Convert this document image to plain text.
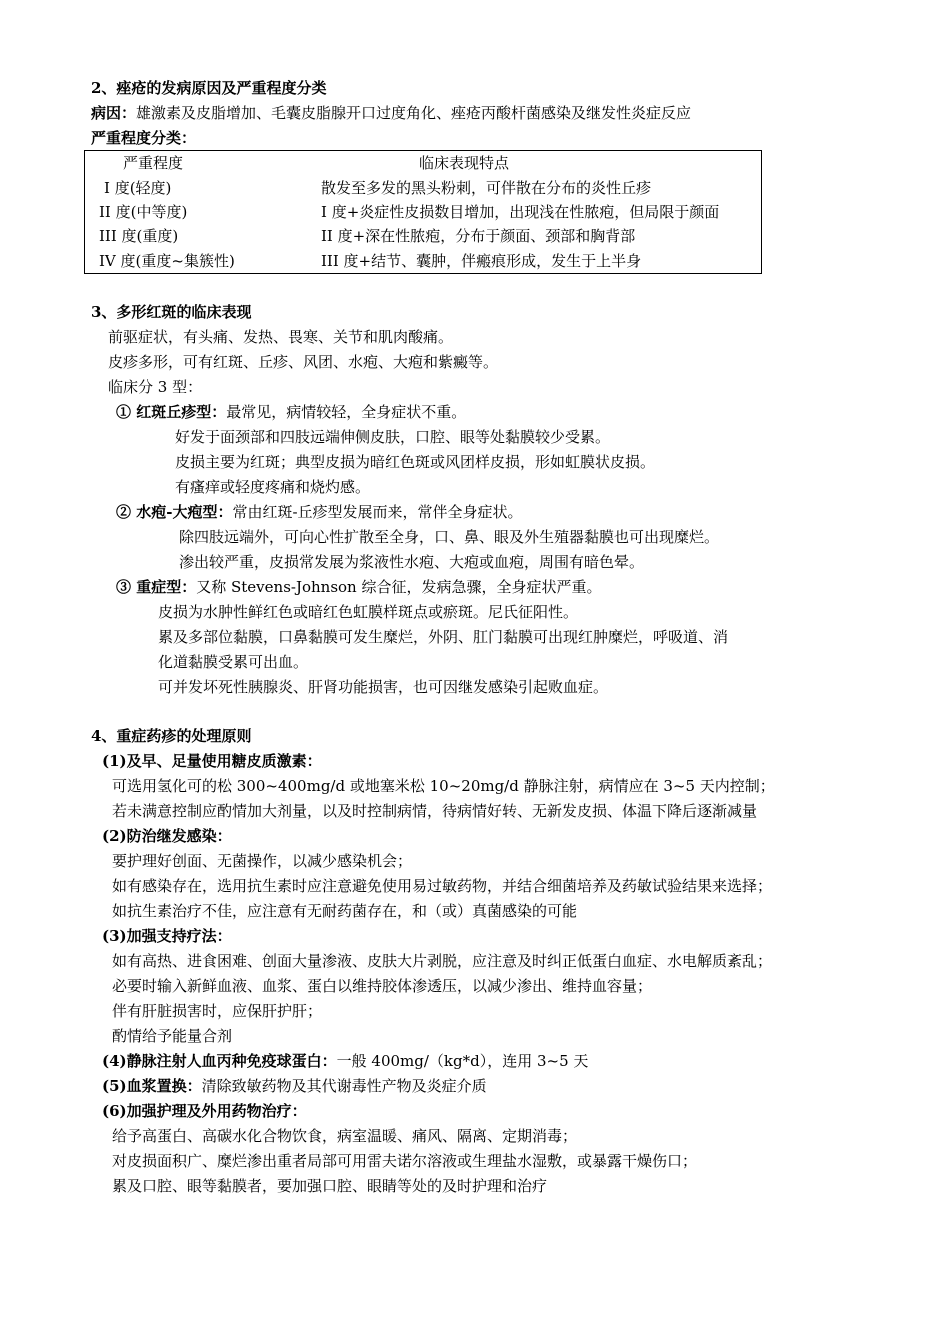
2、痤疮的发病原因及严重程度分类
病因：雄激素及皮脂增加、毛囊皮脂腺开口过度角化、痤疮丙酸杆菌感染及继发性炎症反应
严重程度分类：
严重程度	临床表现特点
I 度(轻度)	散发至多发的黑头粉刺，可伴散在分布的炎性丘疹
II 度(中等度)	I 度+炎症性皮损数目增加，出现浅在性脓疱，但局限于颜面
III 度(重度)	II 度+深在性脓疱，分布于颜面、颈部和胸背部
IV 度(重度~集簇性)	III 度+结节、囊肿，伴瘢痕形成，发生于上半身
3、多形红斑的临床表现
前驱症状，有头痛、发热、畏寒、关节和肌肉酸痛。
皮疹多形，可有红斑、丘疹、风团、水疱、大疱和紫癜等。
临床分 3 型：
① 红斑丘疹型：最常见，病情较轻，全身症状不重。
好发于面颈部和四肢远端伸侧皮肤，口腔、眼等处黏膜较少受累。
皮损主要为红斑；典型皮损为暗红色斑或风团样皮损，形如虹膜状皮损。
有瘙痒或轻度疼痛和烧灼感。
② 水疱-大疱型：常由红斑-丘疹型发展而来，常伴全身症状。
除四肢远端外，可向心性扩散至全身，口、鼻、眼及外生殖器黏膜也可出现糜烂。
渗出较严重，皮损常发展为浆液性水疱、大疱或血疱，周围有暗色晕。
③ 重症型：又称 Stevens-Johnson 综合征，发病急骤，全身症状严重。
皮损为水肿性鲜红色或暗红色虹膜样斑点或瘀斑。尼氏征阳性。
累及多部位黏膜，口鼻黏膜可发生糜烂，外阴、肛门黏膜可出现红肿糜烂，呼吸道、消
化道黏膜受累可出血。
可并发坏死性胰腺炎、肝肾功能损害，也可因继发感染引起败血症。
4、重症药疹的处理原则
(1)及早、足量使用糖皮质激素：
可选用氢化可的松 300~400mg/d 或地塞米松 10~20mg/d 静脉注射，病情应在 3~5 天内控制；
若未满意控制应酌情加大剂量，以及时控制病情，待病情好转、无新发皮损、体温下降后逐渐减量
(2)防治继发感染：
要护理好创面、无菌操作，以减少感染机会；
如有感染存在，选用抗生素时应注意避免使用易过敏药物，并结合细菌培养及药敏试验结果来选择；
如抗生素治疗不佳，应注意有无耐药菌存在，和（或）真菌感染的可能
(3)加强支持疗法：
如有高热、进食困难、创面大量渗液、皮肤大片剥脱，应注意及时纠正低蛋白血症、水电解质紊乱；
必要时输入新鲜血液、血浆、蛋白以维持胶体渗透压，以减少渗出、维持血容量；
伴有肝脏损害时，应保肝护肝；
酌情给予能量合剂
(4)静脉注射人血丙种免疫球蛋白：一般 400mg/（kg*d），连用 3~5 天
(5)血浆置换：清除致敏药物及其代谢毒性产物及炎症介质
(6)加强护理及外用药物治疗：
给予高蛋白、高碳水化合物饮食，病室温暖、痛风、隔离、定期消毒；
对皮损面积广、糜烂渗出重者局部可用雷夫诺尔溶液或生理盐水湿敷，或暴露干燥伤口；
累及口腔、眼等黏膜者，要加强口腔、眼睛等处的及时护理和治疗
